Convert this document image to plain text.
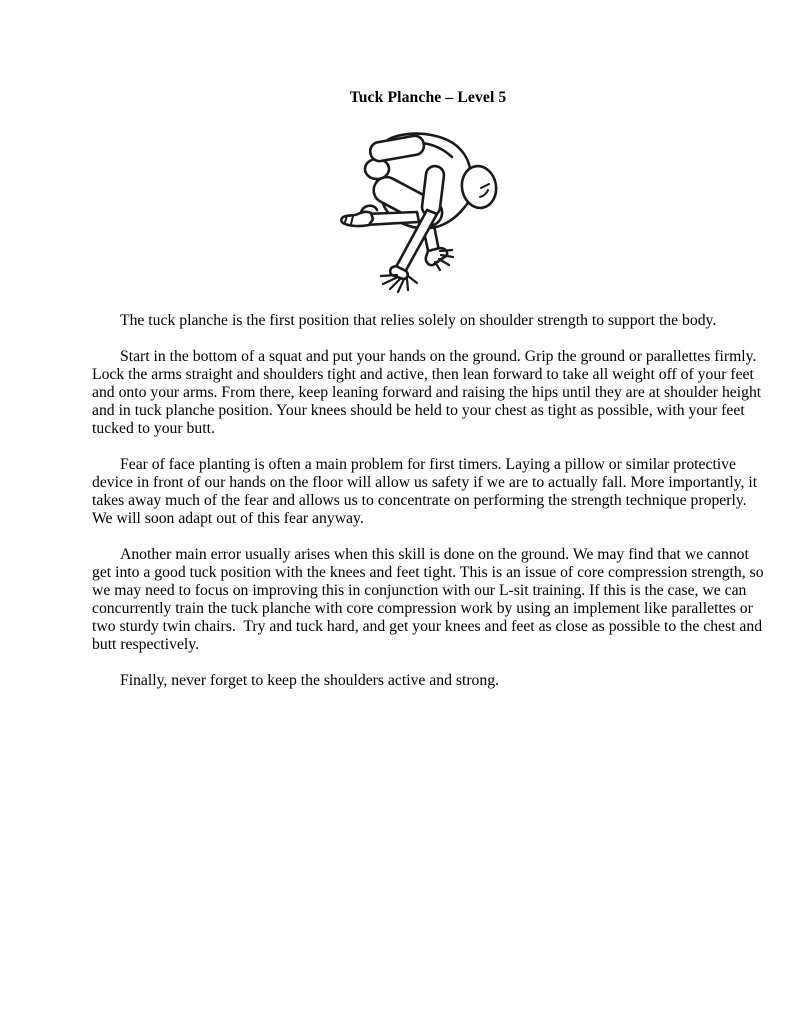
Tuck Planche – Level 5

The tuck planche is the first position that relies solely on shoulder strength to support the body.

Start in the bottom of a squat and put your hands on the ground. Grip the ground or parallettes firmly. Lock the arms straight and shoulders tight and active, then lean forward to take all weight off of your feet and onto your arms. From there, keep leaning forward and raising the hips until they are at shoulder height and in tuck planche position. Your knees should be held to your chest as tight as possible, with your feet tucked to your butt.

Fear of face planting is often a main problem for first timers. Laying a pillow or similar protective device in front of our hands on the floor will allow us safety if we are to actually fall. More importantly, it takes away much of the fear and allows us to concentrate on performing the strength technique properly. We will soon adapt out of this fear anyway.

Another main error usually arises when this skill is done on the ground. We may find that we cannot get into a good tuck position with the knees and feet tight. This is an issue of core compression strength, so we may need to focus on improving this in conjunction with our L-sit training. If this is the case, we can concurrently train the tuck planche with core compression work by using an implement like parallettes or two sturdy twin chairs.  Try and tuck hard, and get your knees and feet as close as possible to the chest and butt respectively.

Finally, never forget to keep the shoulders active and strong.
